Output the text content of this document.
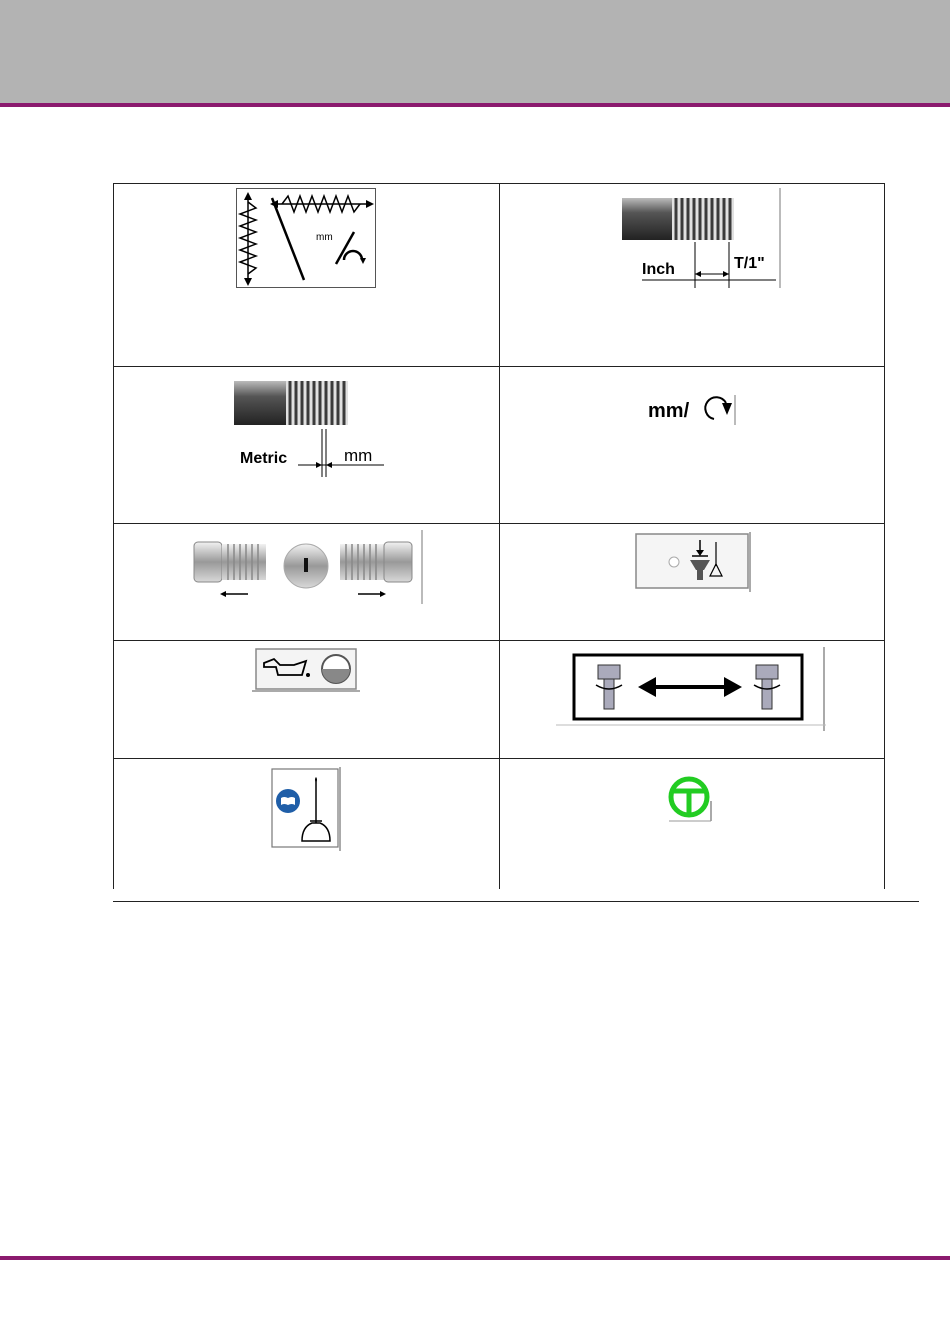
mm	Inch T/1"

Metric mm	mm/
